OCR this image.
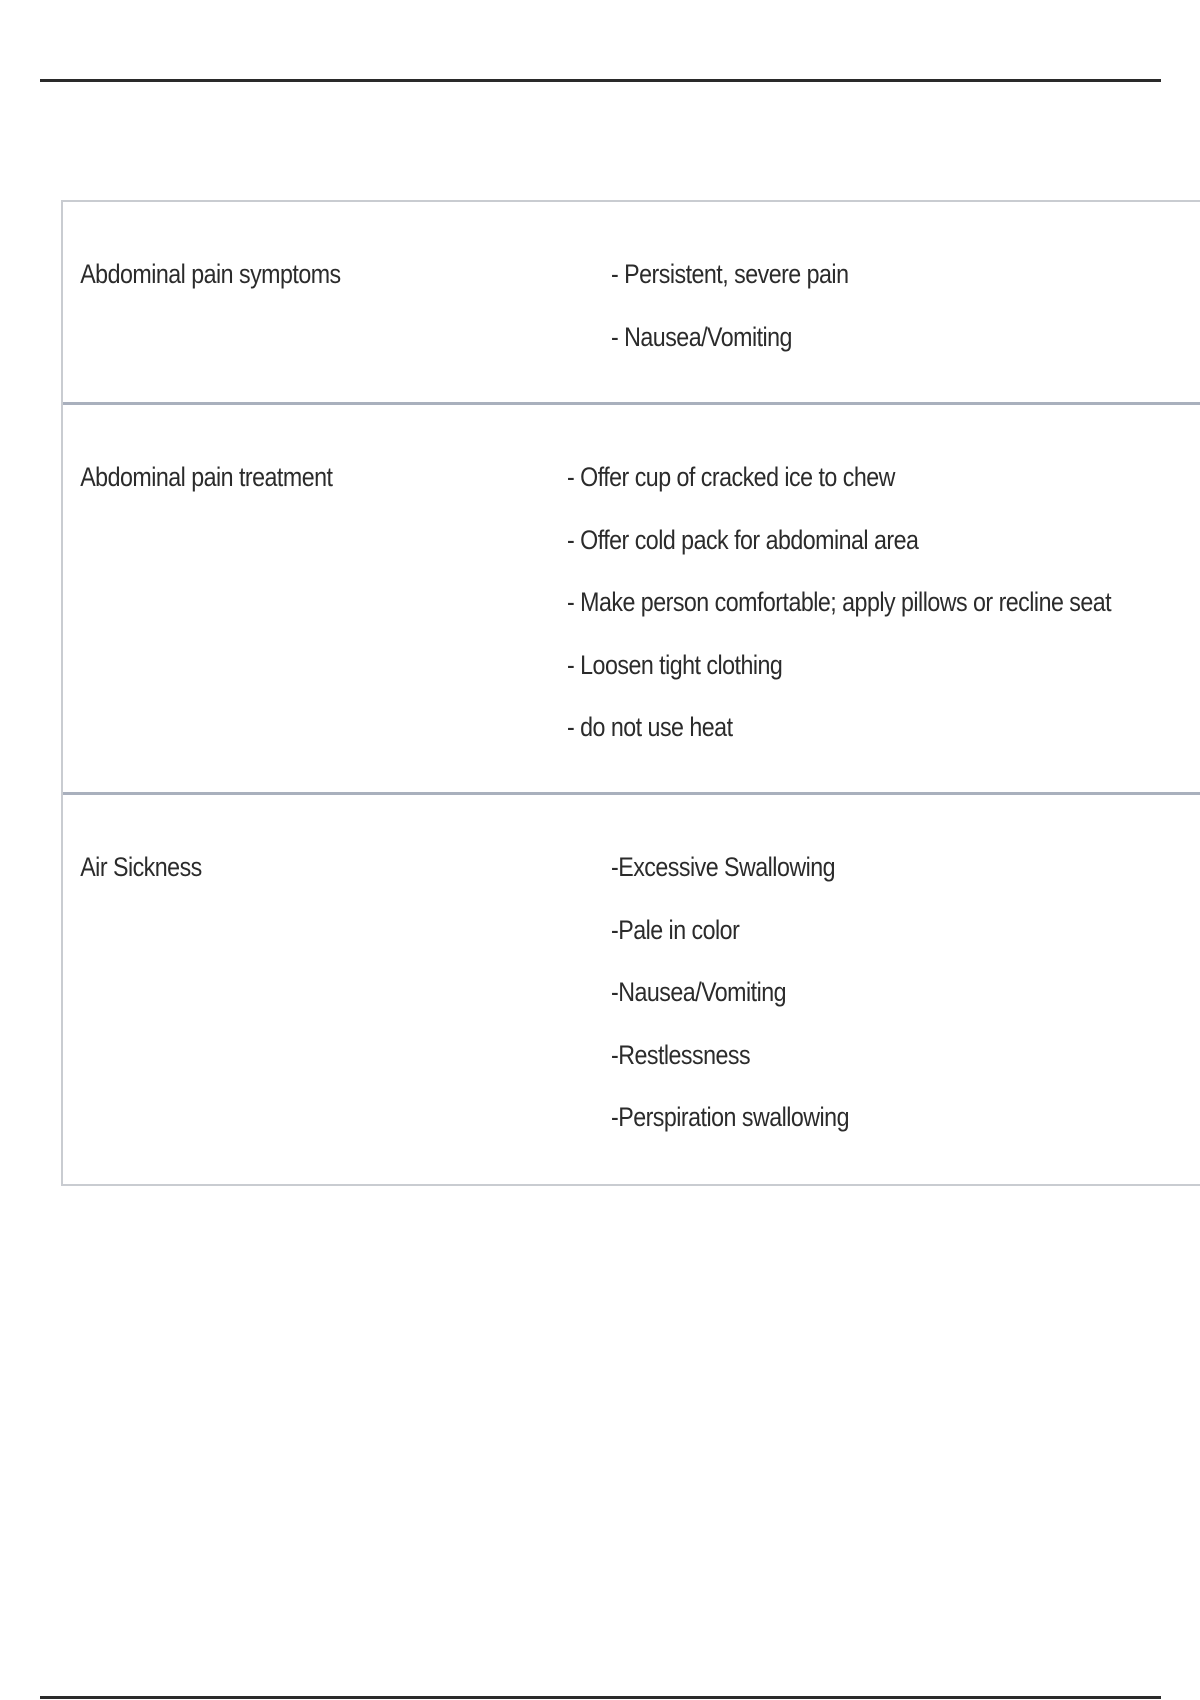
Abdominal pain symptoms	- Persistent, severe pain
- Nausea/Vomiting
Abdominal pain treatment	- Offer cup of cracked ice to chew
- Offer cold pack for abdominal area
- Make person comfortable; apply pillows or recline seat
- Loosen tight clothing
- do not use heat
Air Sickness	-Excessive Swallowing
-Pale in color
-Nausea/Vomiting
-Restlessness
-Perspiration swallowing
